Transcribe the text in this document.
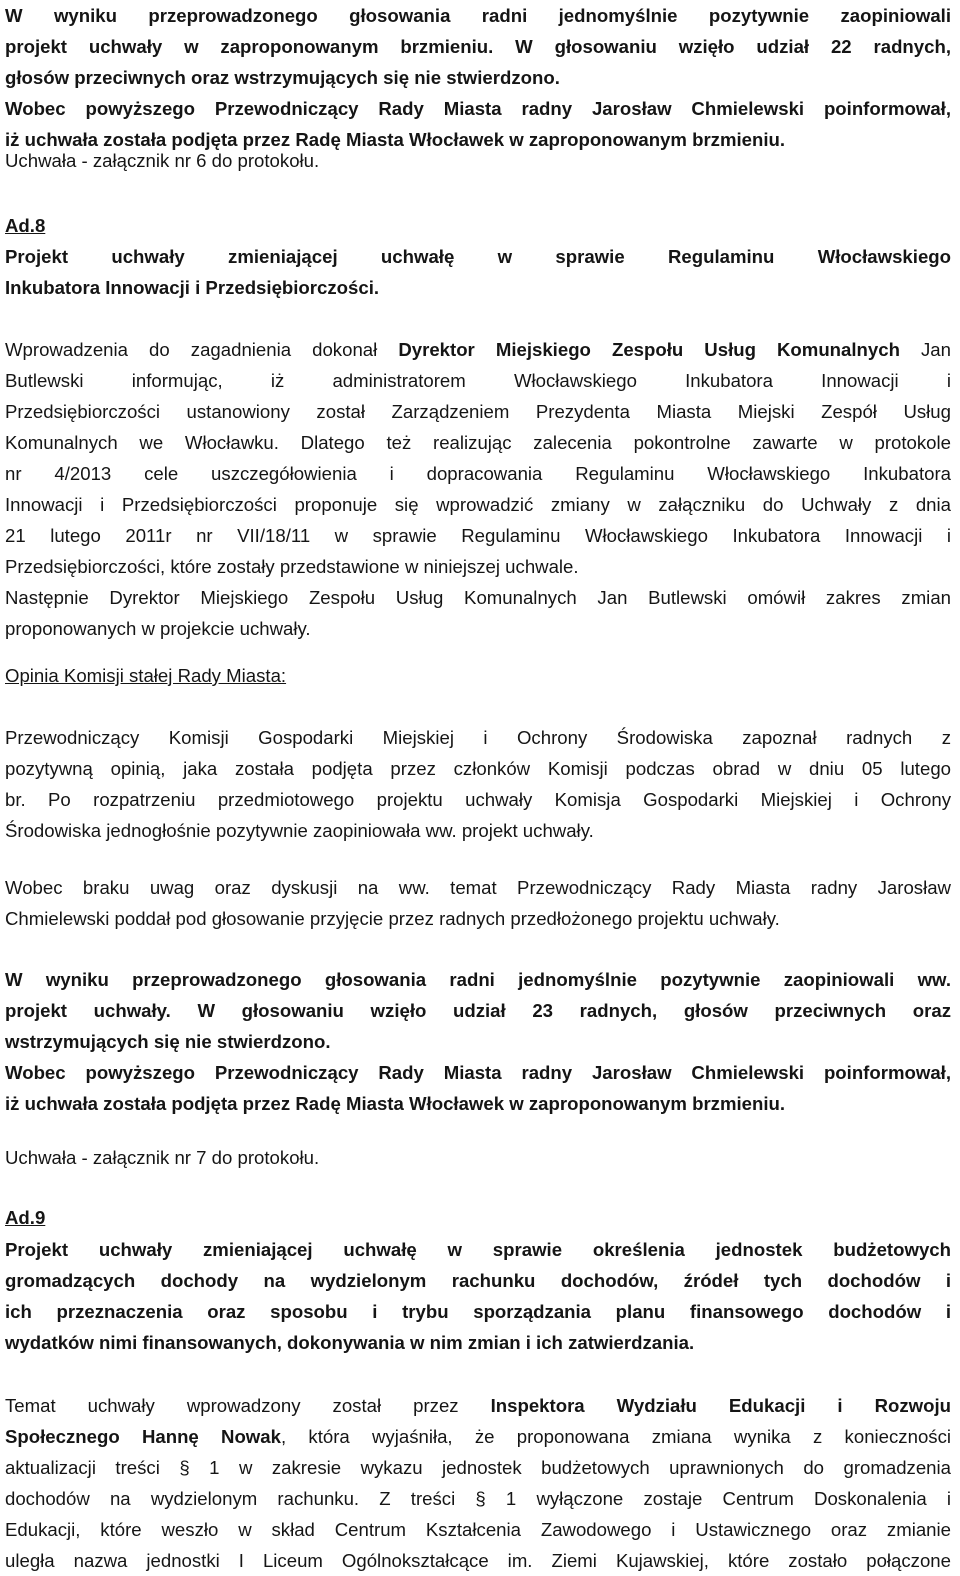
W wyniku przeprowadzonego głosowania radni jednomyślnie pozytywnie zaopiniowali
projekt uchwały w zaproponowanym brzmieniu. W głosowaniu wzięło udział 22 radnych,
głosów przeciwnych oraz wstrzymujących się nie stwierdzono.
Wobec powyższego Przewodniczący Rady Miasta radny Jarosław Chmielewski poinformował,
iż uchwała została podjęta przez Radę Miasta Włocławek w zaproponowanym brzmieniu.
Uchwała - załącznik nr 6 do protokołu.
Ad.8
Projekt uchwały zmieniającej uchwałę w sprawie Regulaminu Włocławskiego
Inkubatora Innowacji i Przedsiębiorczości.
Wprowadzenia do zagadnienia dokonał Dyrektor Miejskiego Zespołu Usług Komunalnych Jan
Butlewski informując, iż administratorem Włocławskiego Inkubatora Innowacji i
Przedsiębiorczości ustanowiony został Zarządzeniem Prezydenta Miasta Miejski Zespół Usług
Komunalnych we Włocławku. Dlatego też realizując zalecenia pokontrolne zawarte w protokole
nr 4/2013 cele uszczegółowienia i dopracowania Regulaminu Włocławskiego Inkubatora
Innowacji i Przedsiębiorczości proponuje się wprowadzić zmiany w załączniku do Uchwały z dnia
21 lutego 2011r nr VII/18/11 w sprawie Regulaminu Włocławskiego Inkubatora Innowacji i
Przedsiębiorczości, które zostały przedstawione w niniejszej uchwale.
Następnie Dyrektor Miejskiego Zespołu Usług Komunalnych Jan Butlewski omówił zakres zmian
proponowanych w projekcie uchwały.
Opinia Komisji stałej Rady Miasta:
Przewodniczący Komisji Gospodarki Miejskiej i Ochrony Środowiska zapoznał radnych z
pozytywną opinią, jaka została podjęta przez członków Komisji podczas obrad w dniu 05 lutego
br. Po rozpatrzeniu przedmiotowego projektu uchwały Komisja Gospodarki Miejskiej i Ochrony
Środowiska jednogłośnie pozytywnie zaopiniowała ww. projekt uchwały.
Wobec braku uwag oraz dyskusji na ww. temat Przewodniczący Rady Miasta radny Jarosław
Chmielewski poddał pod głosowanie przyjęcie przez radnych przedłożonego projektu uchwały.
W wyniku przeprowadzonego głosowania radni jednomyślnie pozytywnie zaopiniowali ww.
projekt uchwały. W głosowaniu wzięło udział 23 radnych, głosów przeciwnych oraz
wstrzymujących się nie stwierdzono.
Wobec powyższego Przewodniczący Rady Miasta radny Jarosław Chmielewski poinformował,
iż uchwała została podjęta przez Radę Miasta Włocławek w zaproponowanym brzmieniu.
Uchwała - załącznik nr 7 do protokołu.
Ad.9
Projekt uchwały zmieniającej uchwałę w sprawie określenia jednostek budżetowych
gromadzących dochody na wydzielonym rachunku dochodów, źródeł tych dochodów i
ich przeznaczenia oraz sposobu i trybu sporządzania planu finansowego dochodów i
wydatków nimi finansowanych, dokonywania w nim zmian i ich zatwierdzania.
Temat uchwały wprowadzony został przez Inspektora Wydziału Edukacji i Rozwoju
Społecznego Hannę Nowak, która wyjaśniła, że proponowana zmiana wynika z konieczności
aktualizacji treści § 1 w zakresie wykazu jednostek budżetowych uprawnionych do gromadzenia
dochodów na wydzielonym rachunku. Z treści § 1 wyłączone zostaje Centrum Doskonalenia i
Edukacji, które weszło w skład Centrum Kształcenia Zawodowego i Ustawicznego oraz zmianie
uległa nazwa jednostki I Liceum Ogólnokształcące im. Ziemi Kujawskiej, które zostało połączone
